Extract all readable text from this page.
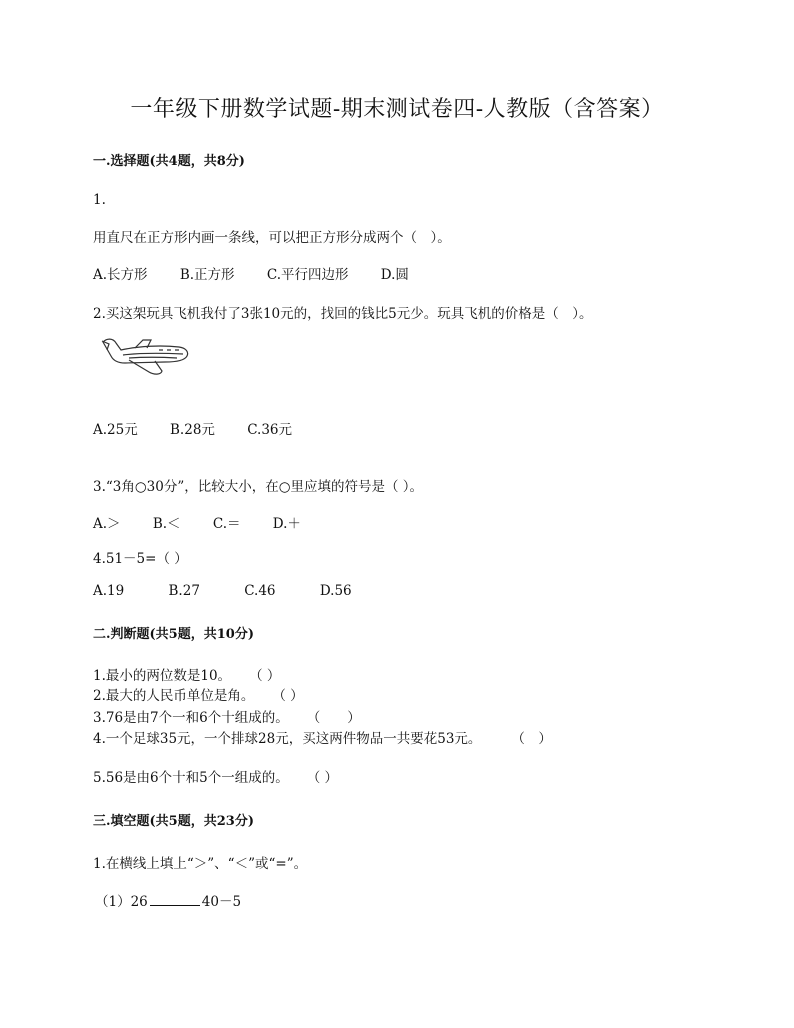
一年级下册数学试题-期末测试卷四-人教版（含答案）
一.选择题(共4题，共8分)
1.
用直尺在正方形内画一条线，可以把正方形分成两个（　）。
A.长方形 B.正方形 C.平行四边形 D.圆
2.买这架玩具飞机我付了3张10元的，找回的钱比5元少。玩具飞机的价格是（　）。
A.25元 B.28元 C.36元
3.“3角○30分”，比较大小，在○里应填的符号是（ ）。
A.＞ B.＜ C.＝ D.＋
4.51－5=（ ）
A.19	B.27	C.46	D.56
二.判断题(共5题，共10分)
1.最小的两位数是10。 （ ）
2.最大的人民币单位是角。 （ ）
3.76是由7个一和6个十组成的。 （　　）
4.一个足球35元，一个排球28元，买这两件物品一共要花53元。 （　）
5.56是由6个十和5个一组成的。 （ ）
三.填空题(共5题，共23分)
1.在横线上填上“＞”、“＜”或“=”。
（1）26	40－5
